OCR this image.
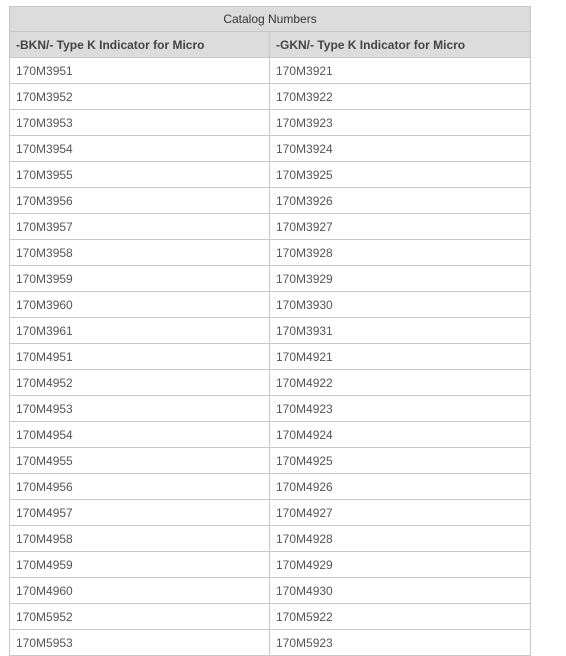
Catalog Numbers	
-BKN/- Type K Indicator for Micro	-GKN/- Type K Indicator for Micro
170M3951	170M3921
170M3952	170M3922
170M3953	170M3923
170M3954	170M3924
170M3955	170M3925
170M3956	170M3926
170M3957	170M3927
170M3958	170M3928
170M3959	170M3929
170M3960	170M3930
170M3961	170M3931
170M4951	170M4921
170M4952	170M4922
170M4953	170M4923
170M4954	170M4924
170M4955	170M4925
170M4956	170M4926
170M4957	170M4927
170M4958	170M4928
170M4959	170M4929
170M4960	170M4930
170M5952	170M5922
170M5953	170M5923
